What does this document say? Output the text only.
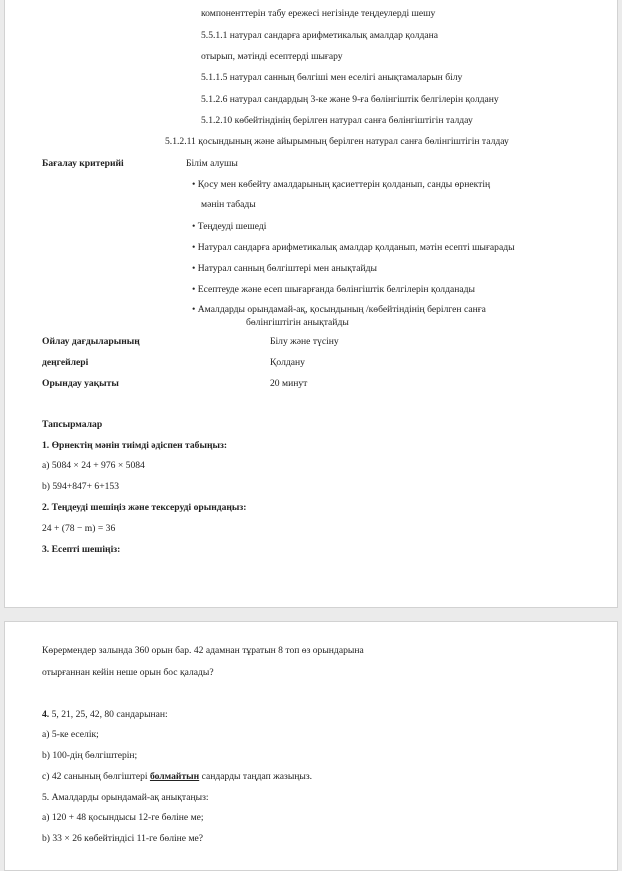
компоненттерін табу ережесі негізінде теңдеулерді шешу
5.5.1.1 натурал сандарға арифметикалық амалдар қолдана
отырып, мәтінді есептерді шығару
5.1.1.5 натурал санның бөлгіші мен еселігі анықтамаларын білу
5.1.2.6 натурал сандардың 3-ке және 9-ға бөлінгіштік белгілерін қолдану
5.1.2.10 көбейтіндінің берілген натурал санға бөлінгіштігін талдау
5.1.2.11 қосындының және айырымның берілген натурал санға бөлінгіштігін талдау
Бағалау критерийі	Білім алушы
• Қосу мен көбейту амалдарының қасиеттерін қолданып, санды өрнектің
мәнін табады
• Теңдеуді шешеді
• Натурал сандарға арифметикалық амалдар қолданып, мәтін есепті шығарады
• Натурал санның бөлгіштері мен анықтайды
• Есептеуде және есеп шығарғанда бөлінгіштік белгілерін қолданады
• Амалдарды орындамай-ақ, қосындының /көбейтіндінің берілген санға
бөлінгіштігін анықтайды
Ойлау дағдыларының	Білу және түсіну
деңгейлері	Қолдану
Орындау уақыты	20 минут
Тапсырмалар
1. Өрнектің мәнін тиімді әдіспен табыңыз:
a) 5084 × 24 + 976 × 5084
b) 594+847+ 6+153
2. Теңдеуді шешіңіз және тексеруді орындаңыз:
24 + (78 − m) = 36
3. Есепті шешіңіз:
Көрермендер залында 360 орын бар. 42 адамнан тұратын 8 топ өз орындарына
отырғаннан кейін неше орын бос қалады?
4. 5, 21, 25, 42, 80 сандарынан:
a) 5-ке еселік;
b) 100-дің бөлгіштерін;
c) 42 санының бөлгіштері болмайтын сандарды таңдап жазыңыз.
5. Амалдарды орындамай-ақ анықтаңыз:
a) 120 + 48 қосындысы 12-ге бөліне ме;
b) 33 × 26 көбейтіндісі 11-ге бөліне ме?
